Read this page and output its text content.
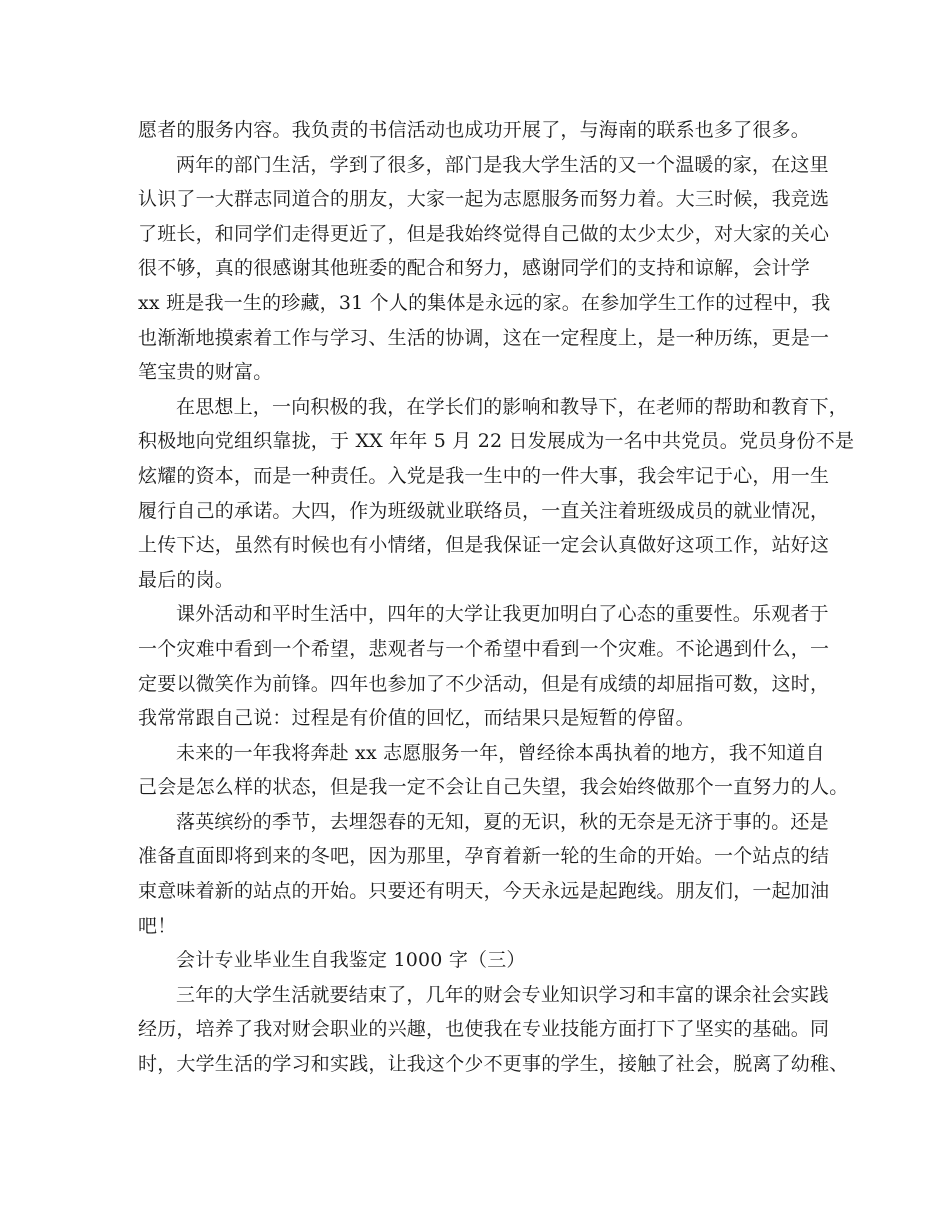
愿者的服务内容。我负责的书信活动也成功开展了，与海南的联系也多了很多。
两年的部门生活，学到了很多，部门是我大学生活的又一个温暖的家，在这里
认识了一大群志同道合的朋友，大家一起为志愿服务而努力着。大三时候，我竞选
了班长，和同学们走得更近了，但是我始终觉得自己做的太少太少，对大家的关心
很不够，真的很感谢其他班委的配合和努力，感谢同学们的支持和谅解，会计学
xx 班是我一生的珍藏，31 个人的集体是永远的家。在参加学生工作的过程中，我
也渐渐地摸索着工作与学习、生活的协调，这在一定程度上，是一种历练，更是一
笔宝贵的财富。
在思想上，一向积极的我，在学长们的影响和教导下，在老师的帮助和教育下，
积极地向党组织靠拢，于 XX 年年 5 月 22 日发展成为一名中共党员。党员身份不是
炫耀的资本，而是一种责任。入党是我一生中的一件大事，我会牢记于心，用一生
履行自己的承诺。大四，作为班级就业联络员，一直关注着班级成员的就业情况，
上传下达，虽然有时候也有小情绪，但是我保证一定会认真做好这项工作，站好这
最后的岗。
课外活动和平时生活中，四年的大学让我更加明白了心态的重要性。乐观者于
一个灾难中看到一个希望，悲观者与一个希望中看到一个灾难。不论遇到什么，一
定要以微笑作为前锋。四年也参加了不少活动，但是有成绩的却屈指可数，这时，
我常常跟自己说：过程是有价值的回忆，而结果只是短暂的停留。
未来的一年我将奔赴 xx 志愿服务一年，曾经徐本禹执着的地方，我不知道自
己会是怎么样的状态，但是我一定不会让自己失望，我会始终做那个一直努力的人。
落英缤纷的季节，去埋怨春的无知，夏的无识，秋的无奈是无济于事的。还是
准备直面即将到来的冬吧，因为那里，孕育着新一轮的生命的开始。一个站点的结
束意味着新的站点的开始。只要还有明天，今天永远是起跑线。朋友们，一起加油
吧！
会计专业毕业生自我鉴定 1000 字（三）
三年的大学生活就要结束了，几年的财会专业知识学习和丰富的课余社会实践
经历，培养了我对财会职业的兴趣，也使我在专业技能方面打下了坚实的基础。同
时，大学生活的学习和实践，让我这个少不更事的学生，接触了社会，脱离了幼稚、
